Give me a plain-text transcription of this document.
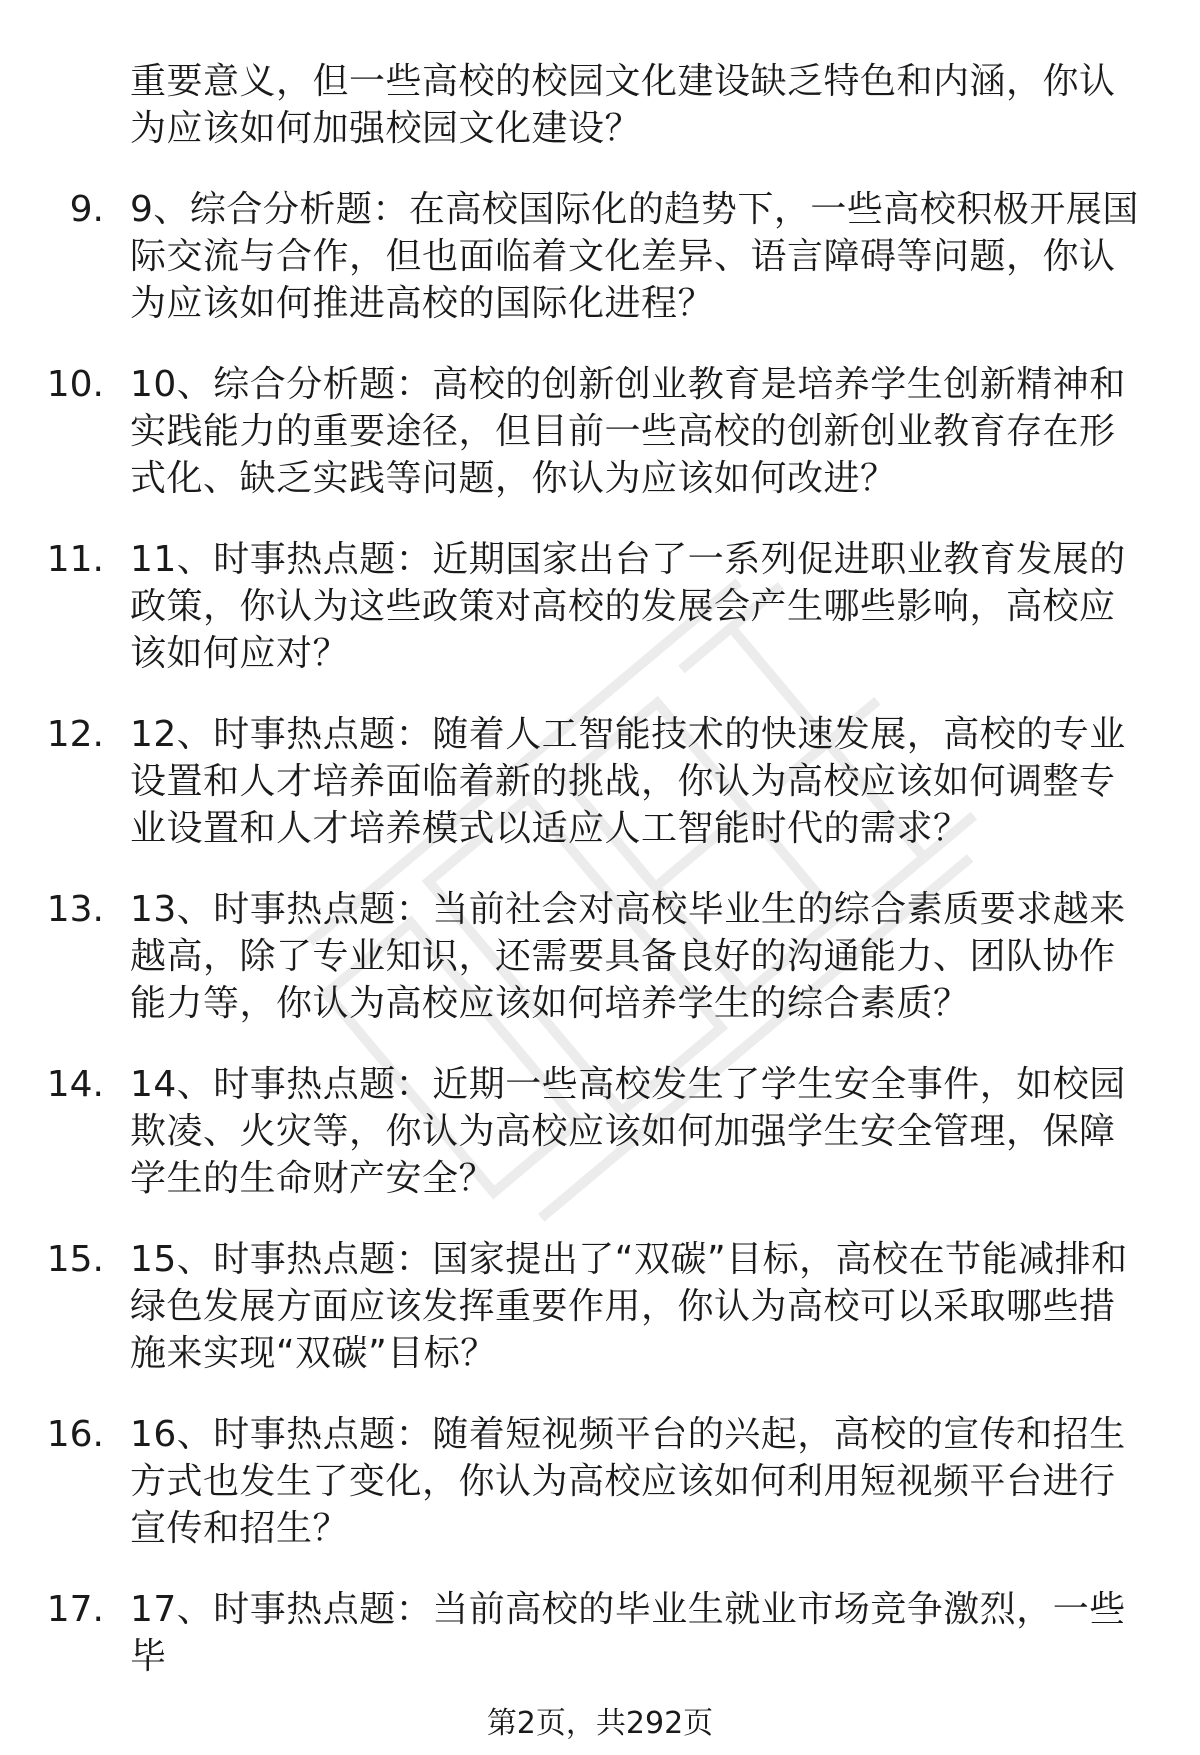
重要意义，但一些高校的校园文化建设缺乏特色和内涵，你认为应该如何加强校园文化建设？
9. 9、综合分析题：在高校国际化的趋势下，一些高校积极开展国际交流与合作，但也面临着文化差异、语言障碍等问题，你认为应该如何推进高校的国际化进程？
10. 10、综合分析题：高校的创新创业教育是培养学生创新精神和实践能力的重要途径，但目前一些高校的创新创业教育存在形式化、缺乏实践等问题，你认为应该如何改进？
11. 11、时事热点题：近期国家出台了一系列促进职业教育发展的政策，你认为这些政策对高校的发展会产生哪些影响，高校应该如何应对？
12. 12、时事热点题：随着人工智能技术的快速发展，高校的专业设置和人才培养面临着新的挑战，你认为高校应该如何调整专业设置和人才培养模式以适应人工智能时代的需求？
13. 13、时事热点题：当前社会对高校毕业生的综合素质要求越来越高，除了专业知识，还需要具备良好的沟通能力、团队协作能力等，你认为高校应该如何培养学生的综合素质？
14. 14、时事热点题：近期一些高校发生了学生安全事件，如校园欺凌、火灾等，你认为高校应该如何加强学生安全管理，保障学生的生命财产安全？
15. 15、时事热点题：国家提出了“双碳”目标，高校在节能减排和绿色发展方面应该发挥重要作用，你认为高校可以采取哪些措施来实现“双碳”目标？
16. 16、时事热点题：随着短视频平台的兴起，高校的宣传和招生方式也发生了变化，你认为高校应该如何利用短视频平台进行宣传和招生？
17. 17、时事热点题：当前高校的毕业生就业市场竞争激烈，一些毕
第2页，共292页
